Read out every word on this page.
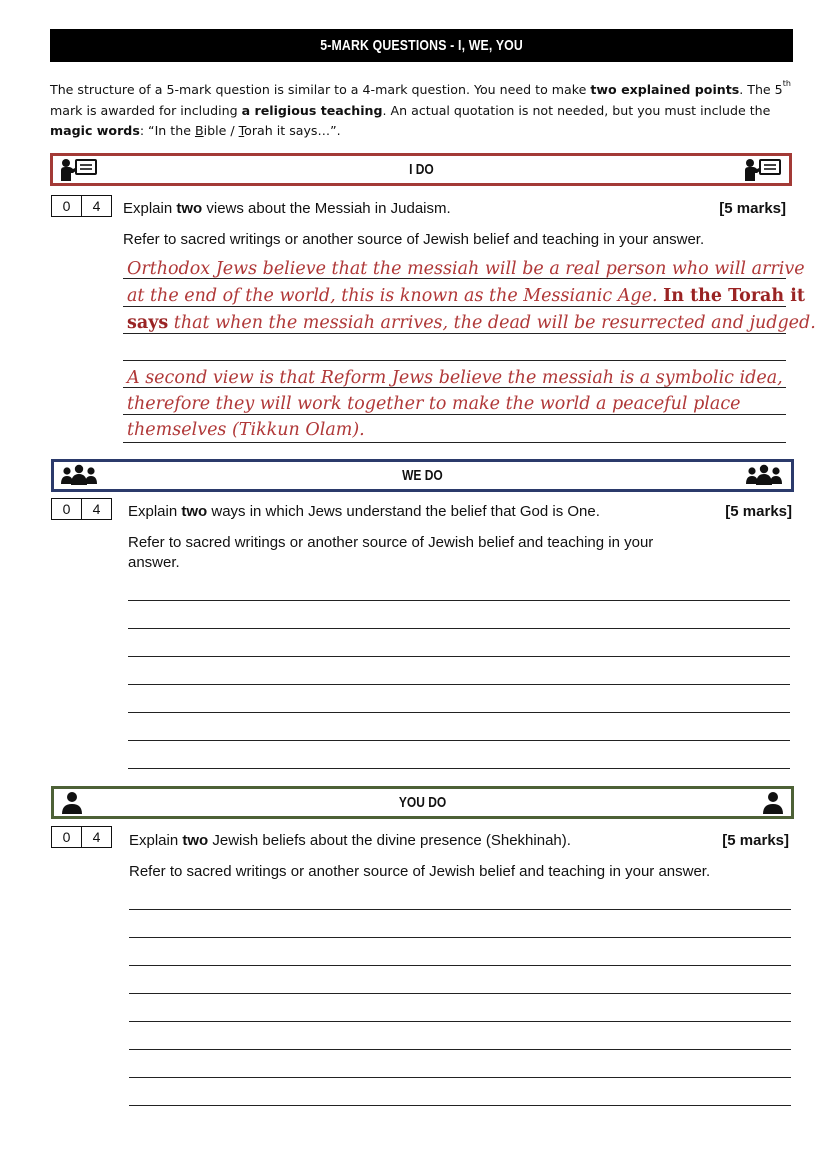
5-MARK QUESTIONS - I, WE, YOU
The structure of a 5-mark question is similar to a 4-mark question. You need to make two explained points. The 5th mark is awarded for including a religious teaching. An actual quotation is not needed, but you must include the magic words: “In the Bible / Torah it says…”.
I DO
0	4	Explain two views about the Messiah in Judaism.	[5 marks]
Refer to sacred writings or another source of Jewish belief and teaching in your answer.
Orthodox Jews believe that the messiah will be a real person who will arrive
at the end of the world, this is known as the Messianic Age. In the Torah it
says that when the messiah arrives, the dead will be resurrected and judged.
A second view is that Reform Jews believe the messiah is a symbolic idea,
therefore they will work together to make the world a peaceful place
themselves (Tikkun Olam).
WE DO
0	4	Explain two ways in which Jews understand the belief that God is One.	[5 marks]
Refer to sacred writings or another source of Jewish belief and teaching in your
answer.
YOU DO
0	4	Explain two Jewish beliefs about the divine presence (Shekhinah).	[5 marks]
Refer to sacred writings or another source of Jewish belief and teaching in your answer.
